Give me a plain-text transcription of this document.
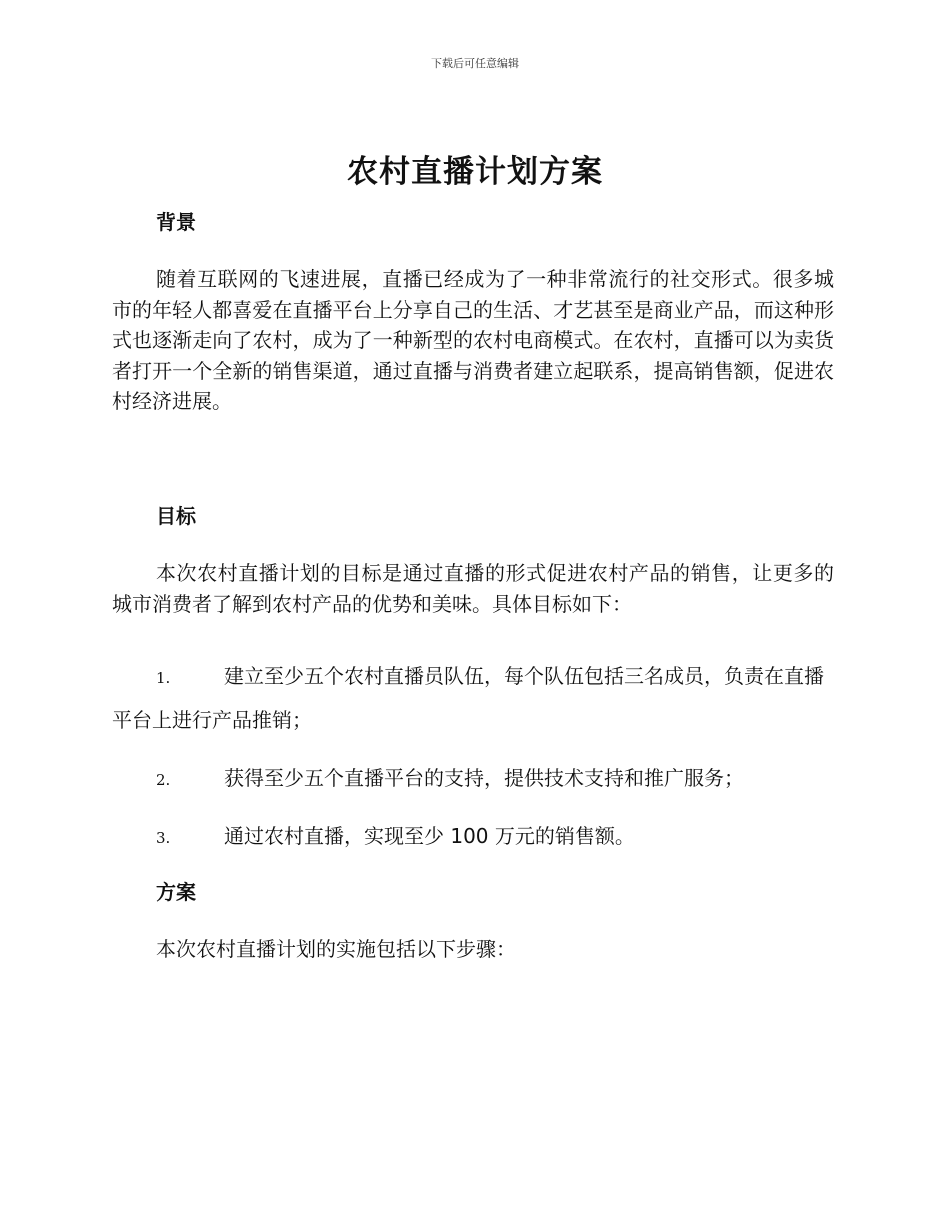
下载后可任意编辑
农村直播计划方案
背景

随着互联网的飞速进展，直播已经成为了一种非常流行的社交形式。很多城市的年轻人都喜爱在直播平台上分享自己的生活、才艺甚至是商业产品，而这种形式也逐渐走向了农村，成为了一种新型的农村电商模式。在农村，直播可以为卖货者打开一个全新的销售渠道，通过直播与消费者建立起联系，提高销售额，促进农村经济进展。

目标

本次农村直播计划的目标是通过直播的形式促进农村产品的销售，让更多的城市消费者了解到农村产品的优势和美味。具体目标如下：

1.	建立至少五个农村直播员队伍，每个队伍包括三名成员，负责在直播平台上进行产品推销；

2.	获得至少五个直播平台的支持，提供技术支持和推广服务；

3.	通过农村直播，实现至少 100 万元的销售额。

方案

本次农村直播计划的实施包括以下步骤：
